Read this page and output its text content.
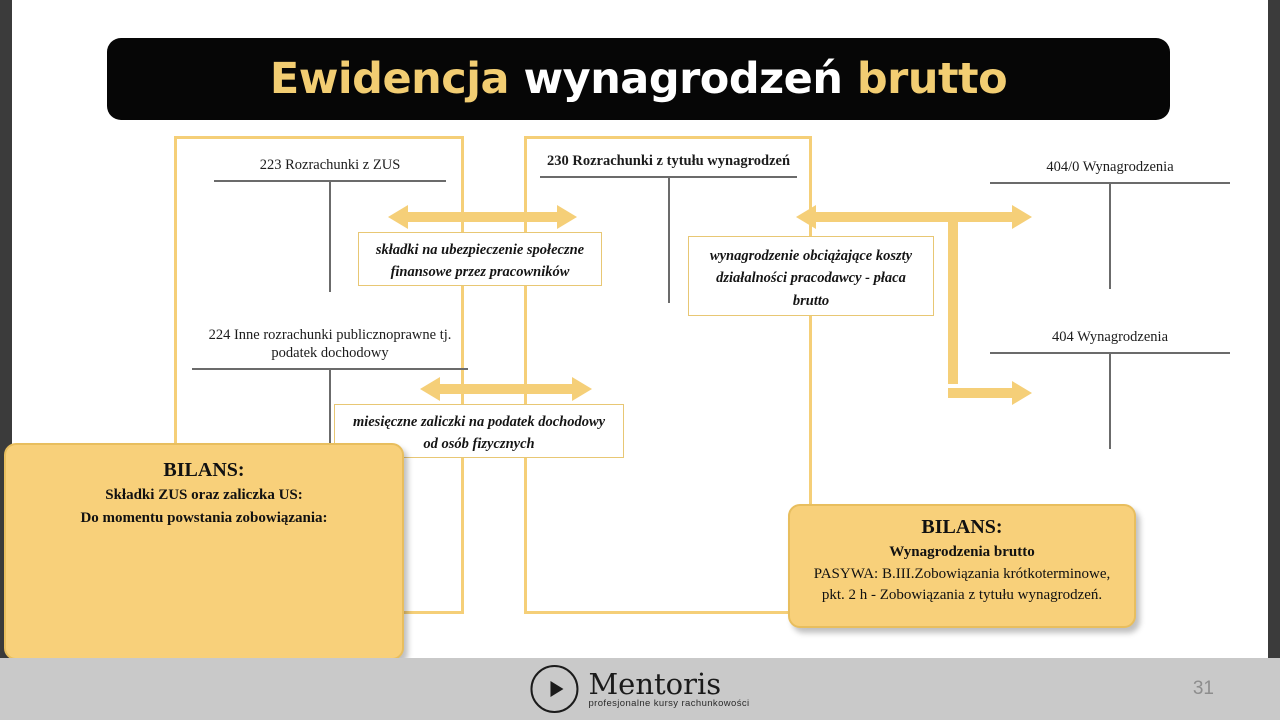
Ewidencja wynagrodzeń brutto
223 Rozrachunki z ZUS	230 Rozrachunki z tytułu wynagrodzeń	404/0 Wynagrodzenia
224 Inne rozrachunki publicznoprawne tj. podatek dochodowy
404 Wynagrodzenia
składki na ubezpieczenie społeczne
finansowe przez pracowników
wynagrodzenie obciążające koszty
działalności pracodawcy - płaca
brutto
miesięczne zaliczki na podatek dochodowy
od osób fizycznych
BILANS:
Składki ZUS oraz zaliczka US:
Do momentu powstania zobowiązania:	BILANS:
Wynagrodzenia brutto
PASYWA: B.III.Zobowiązania krótkoterminowe,
pkt. 2 h - Zobowiązania z tytułu wynagrodzeń.
Mentoris
profesjonalne kursy rachunkowości
31
